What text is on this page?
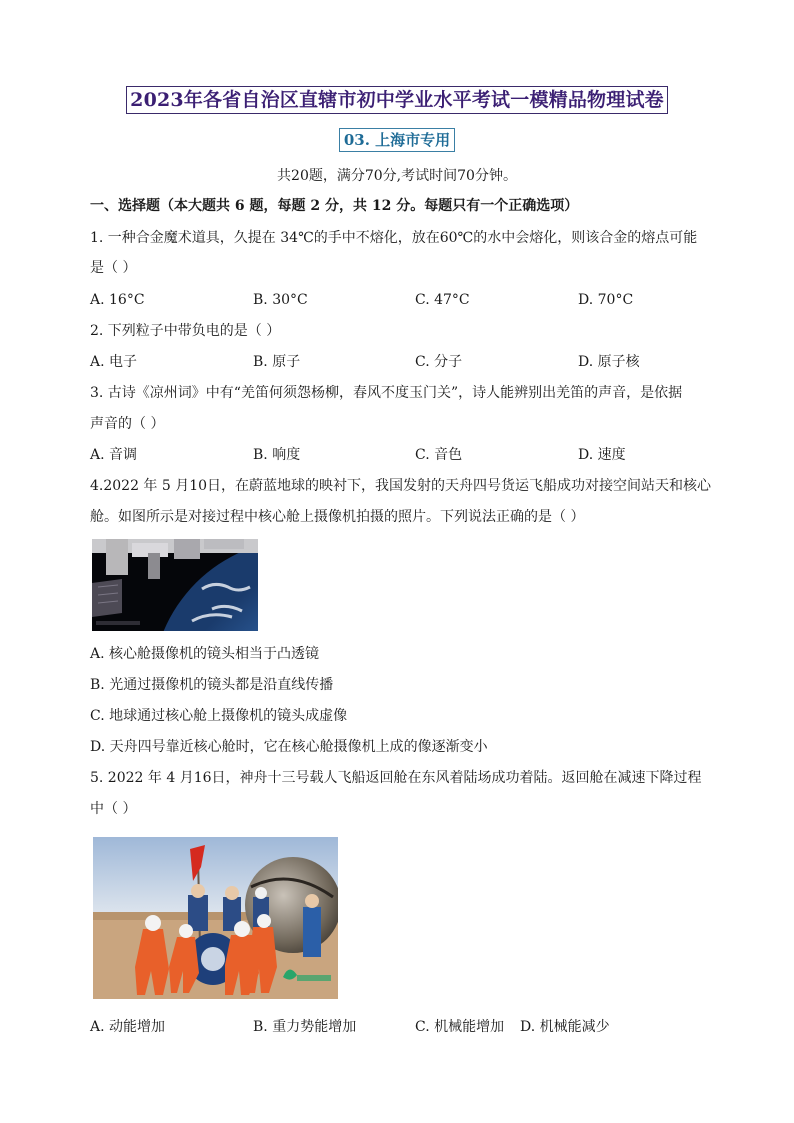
2023年各省自治区直辖市初中学业水平考试一模精品物理试卷
03. 上海市专用
共20题，满分70分,考试时间70分钟。
一、选择题（本大题共 6 题，每题 2 分，共 12 分。每题只有一个正确选项）
1. 一种合金魔术道具，久提在 34℃的手中不熔化，放在60℃的水中会熔化，则该合金的熔点可能
是（ ）
A. 16°C	B. 30°C	C. 47°C	D. 70°C
2. 下列粒子中带负电的是（ ）
A. 电子	B. 原子	C. 分子	D. 原子核
3. 古诗《凉州词》中有“羌笛何须怨杨柳，春风不度玉门关”，诗人能辨别出羌笛的声音，是依据
声音的（ ）
A. 音调	B. 响度	C. 音色	D. 速度
4.2022 年 5 月10日，在蔚蓝地球的映衬下，我国发射的天舟四号货运飞船成功对接空间站天和核心
舱。如图所示是对接过程中核心舱上摄像机拍摄的照片。下列说法正确的是（ ）
A. 核心舱摄像机的镜头相当于凸透镜
B. 光通过摄像机的镜头都是沿直线传播
C. 地球通过核心舱上摄像机的镜头成虚像
D. 天舟四号靠近核心舱时，它在核心舱摄像机上成的像逐渐变小
5. 2022 年 4 月16日，神舟十三号载人飞船返回舱在东风着陆场成功着陆。返回舱在减速下降过程
中（ ）
A. 动能增加	B. 重力势能增加	C. 机械能增加 D. 机械能减少
